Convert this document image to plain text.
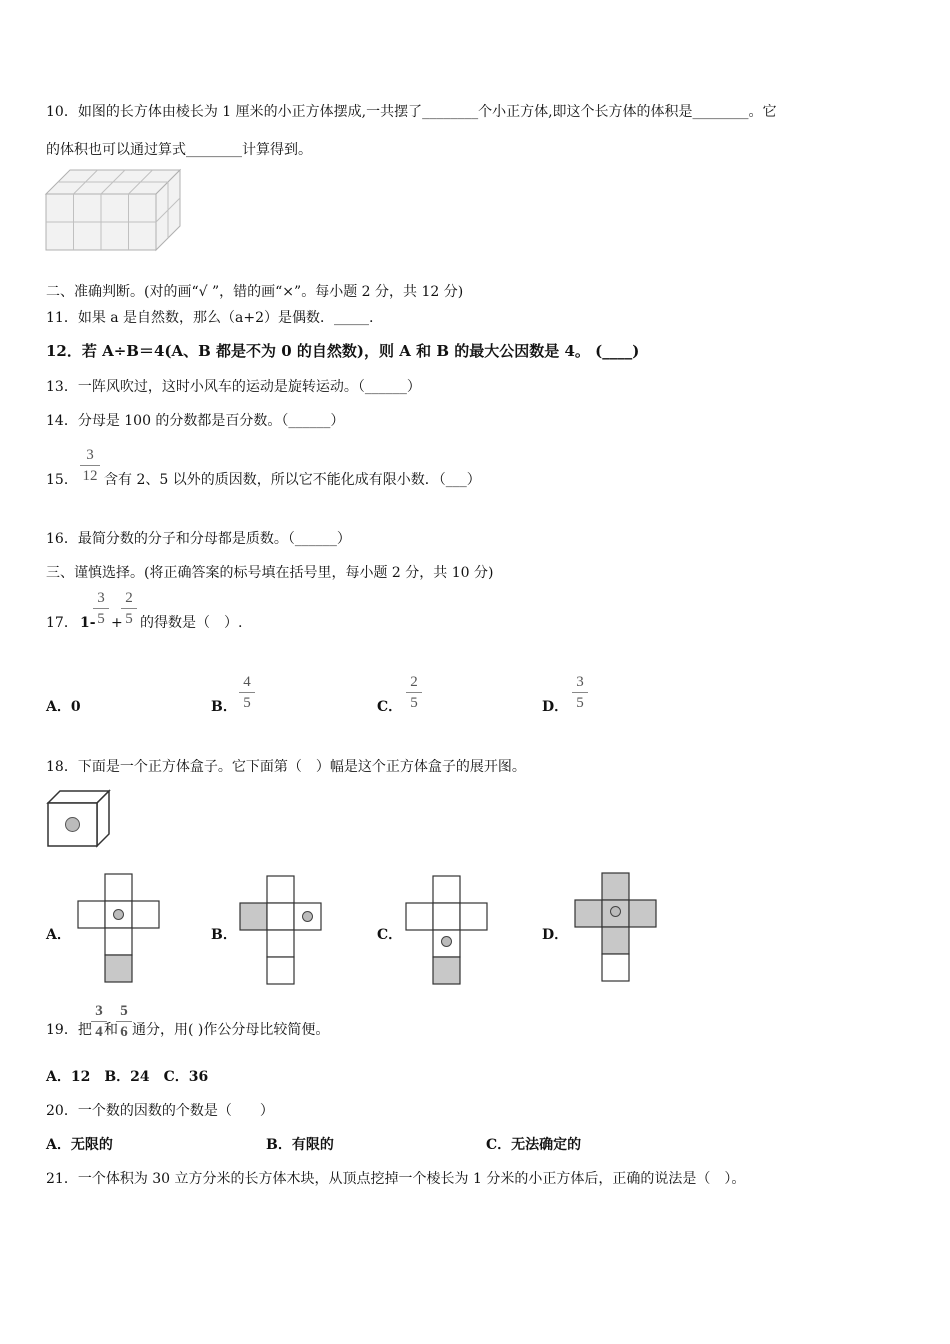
10．如图的长方体由棱长为 1 厘米的小正方体摆成,一共摆了________个小正方体,即这个长方体的体积是________。它
的体积也可以通过算式________计算得到。
二、准确判断。(对的画“√ ”，错的画“×”。每小题 2 分，共 12 分)
11．如果 a 是自然数，那么（a+2）是偶数．_____.
12．若 A÷B＝4(A、B 都是不为 0 的自然数)，则 A 和 B 的最大公因数是 4。 (____)
13．一阵风吹过，这时小风车的运动是旋转运动。（______）
14．分母是 100 的分数都是百分数。（______）
15．
3
12 含有 2、5 以外的质因数，所以它不能化成有限小数．（___）
16．最简分数的分子和分母都是质数。（______）
三、谨慎选择。(将正确答案的标号填在括号里，每小题 2 分，共 10 分)
17． 1-
3
5 +
2
5 的得数是（　）.
A．0	B．
4
5	C．
2
5	D．
3
5
18．下面是一个正方体盒子。它下面第（　）幅是这个正方体盒子的展开图。
A．	B．	C．	D．
19．把
3
4 和
5
6 通分，用( )作公分母比较简便。
A．12　B．24　C．36
20．一个数的因数的个数是（　　）
A．无限的	B．有限的	C．无法确定的
21．一个体积为 30 立方分米的长方体木块，从顶点挖掉一个棱长为 1 分米的小正方体后，正确的说法是（　）。
